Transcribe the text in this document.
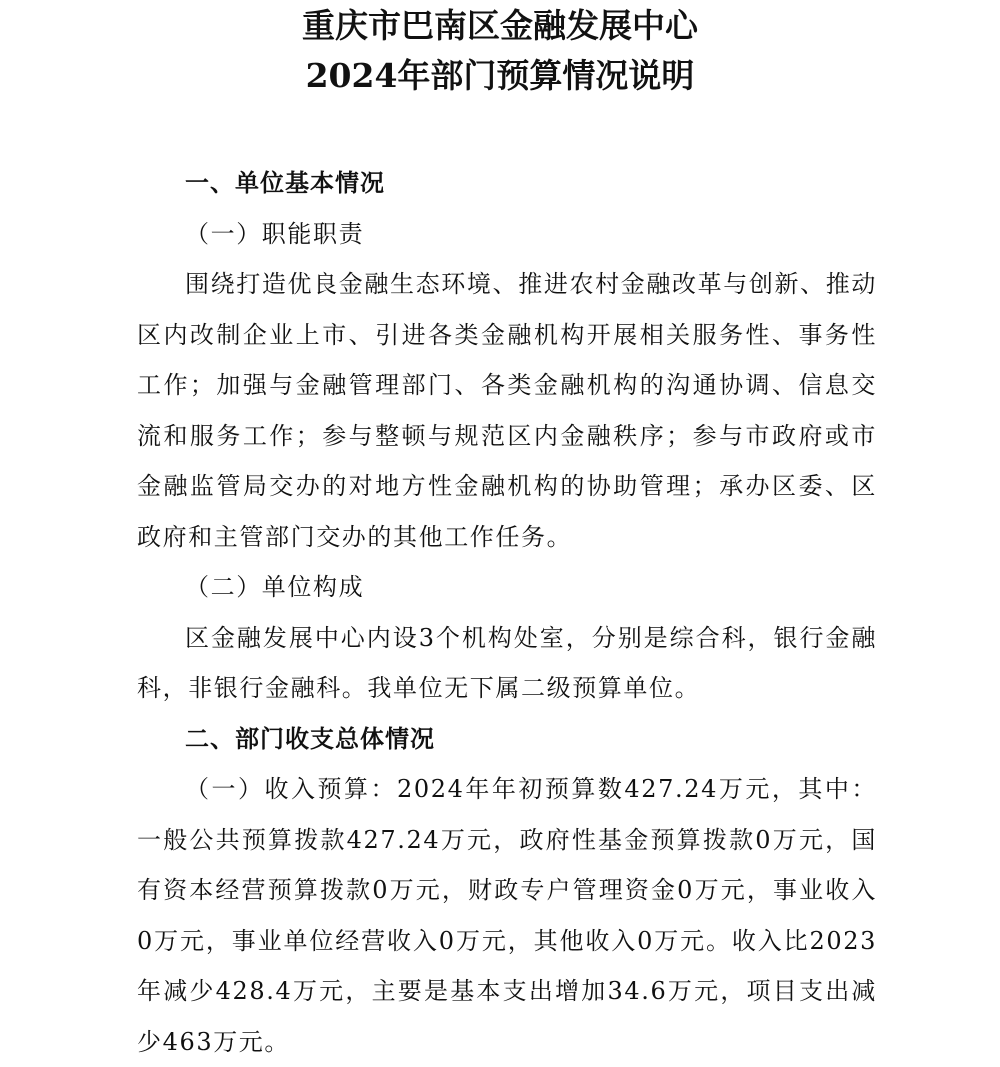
重庆市巴南区金融发展中心
2024年部门预算情况说明

一、单位基本情况

（一）职能职责

围绕打造优良金融生态环境、推进农村金融改革与创新、推动区内改制企业上市、引进各类金融机构开展相关服务性、事务性工作；加强与金融管理部门、各类金融机构的沟通协调、信息交流和服务工作；参与整顿与规范区内金融秩序；参与市政府或市金融监管局交办的对地方性金融机构的协助管理；承办区委、区政府和主管部门交办的其他工作任务。

（二）单位构成

区金融发展中心内设3个机构处室，分别是综合科，银行金融科，非银行金融科。我单位无下属二级预算单位。

二、部门收支总体情况

（一）收入预算：2024年年初预算数427.24万元，其中：一般公共预算拨款427.24万元，政府性基金预算拨款0万元，国有资本经营预算拨款0万元，财政专户管理资金0万元，事业收入0万元，事业单位经营收入0万元，其他收入0万元。收入比2023年减少428.4万元，主要是基本支出增加34.6万元，项目支出减少463万元。
